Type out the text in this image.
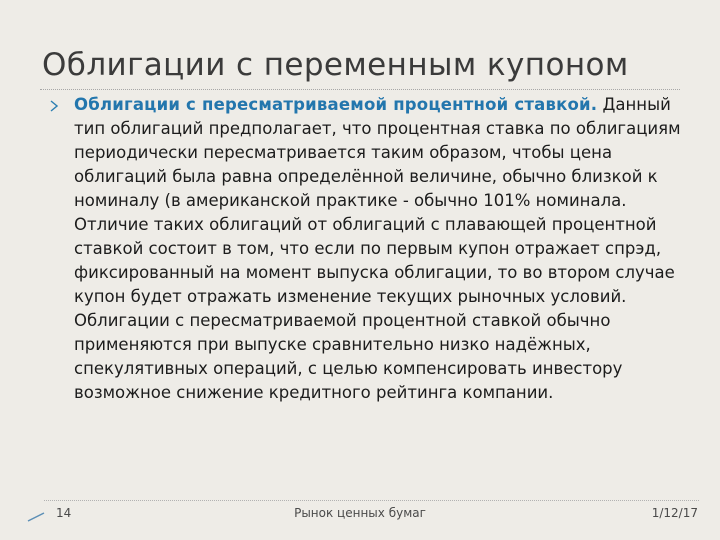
Облигации с переменным купоном
Облигации с пересматриваемой процентной ставкой. Данный тип облигаций предполагает, что процентная ставка по облигациям периодически пересматривается таким образом, чтобы цена облигаций была равна определённой величине, обычно близкой к номиналу (в американской практике - обычно 101% номинала. Отличие таких облигаций от облигаций с плавающей процентной ставкой состоит в том, что если по первым купон отражает спрэд, фиксированный на момент выпуска облигации, то во втором случае купон будет отражать изменение текущих рыночных условий. Облигации с пересматриваемой процентной ставкой обычно применяются при выпуске сравнительно низко надёжных, спекулятивных операций, с целью компенсировать инвестору возможное снижение кредитного рейтинга компании.
14	Рынок ценных бумаг	1/12/17
